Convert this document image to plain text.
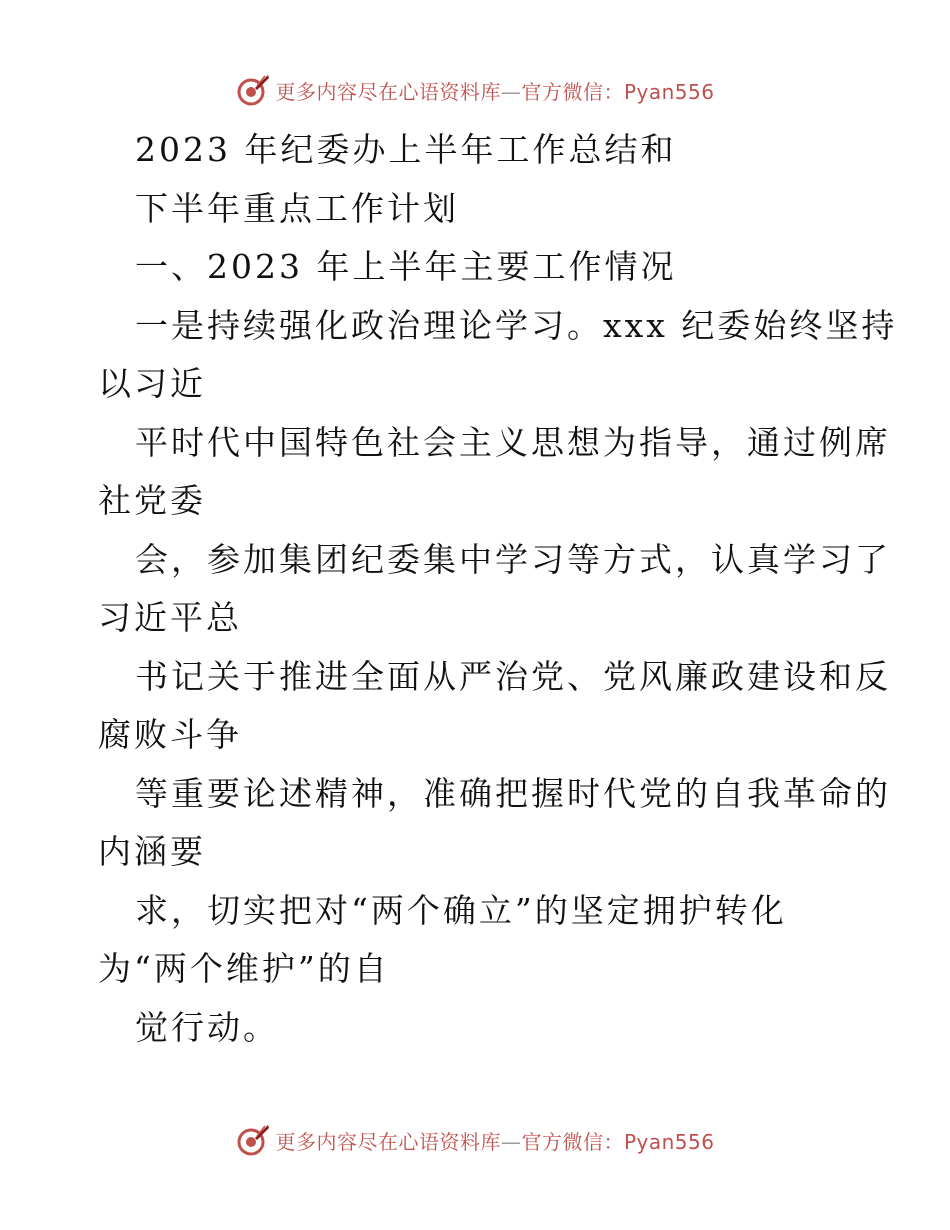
更多内容尽在心语资料库—官方微信：Pyan556
2023 年纪委办上半年工作总结和
下半年重点工作计划
一、2023 年上半年主要工作情况
一是持续强化政治理论学习。xxx 纪委始终坚持
以习近
平时代中国特色社会主义思想为指导，通过例席
社党委
会，参加集团纪委集中学习等方式，认真学习了
习近平总
书记关于推进全面从严治党、党风廉政建设和反
腐败斗争
等重要论述精神，准确把握时代党的自我革命的
内涵要
求，切实把对“两个确立”的坚定拥护转化
为“两个维护”的自
觉行动。
更多内容尽在心语资料库—官方微信：Pyan556
